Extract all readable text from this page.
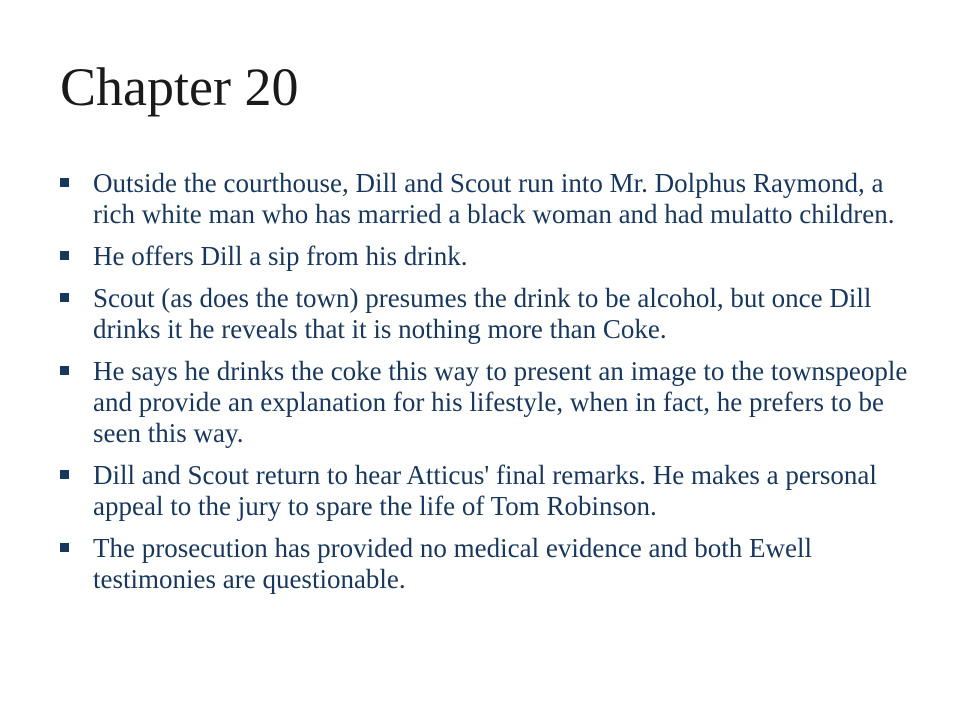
Chapter 20
Outside the courthouse, Dill and Scout run into Mr. Dolphus Raymond, a rich white man who has married a black woman and had mulatto children.
He offers Dill a sip from his drink.
Scout (as does the town) presumes the drink to be alcohol, but once Dill drinks it he reveals that it is nothing more than Coke.
He says he drinks the coke this way to present an image to the townspeople and provide an explanation for his lifestyle, when in fact, he prefers to be seen this way.
Dill and Scout return to hear Atticus' final remarks. He makes a personal appeal to the jury to spare the life of Tom Robinson.
The prosecution has provided no medical evidence and both Ewell testimonies are questionable.
